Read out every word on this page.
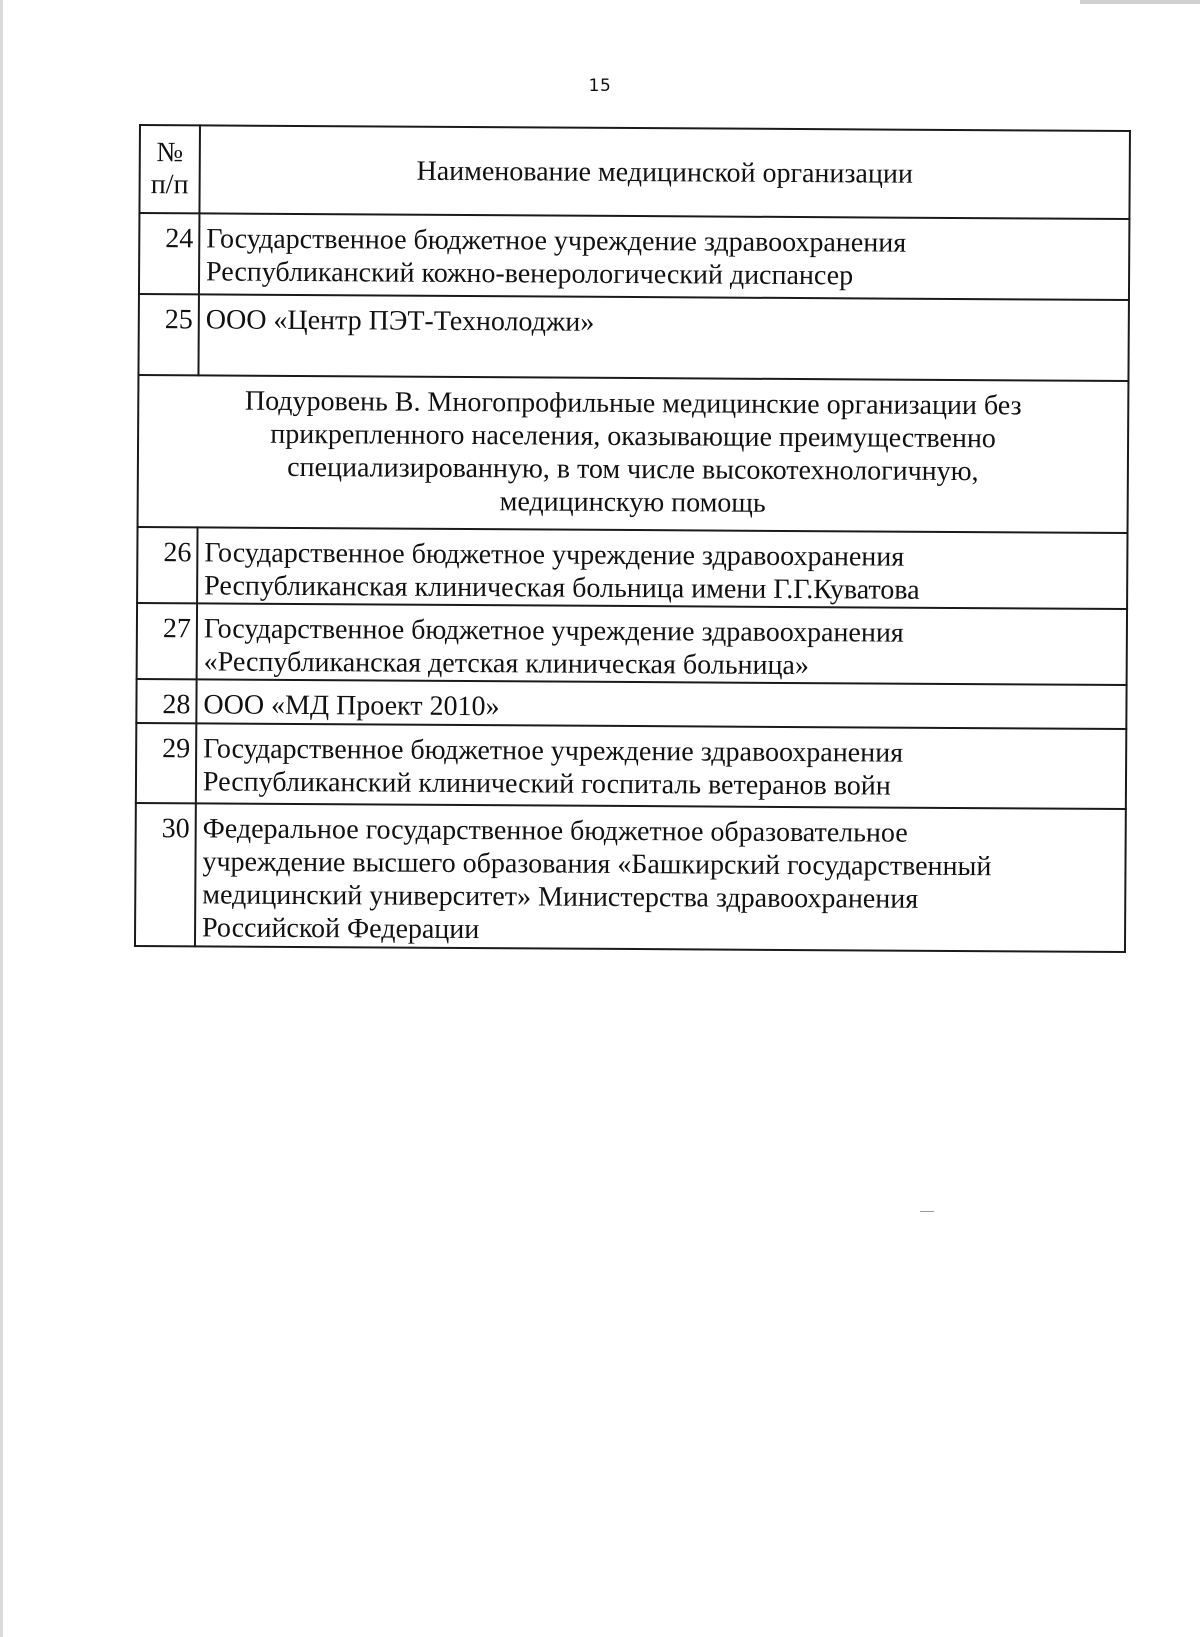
15
№
п/п	Наименование медицинской организации
24	Государственное бюджетное учреждение здравоохранения
Республиканский кожно-венерологический диспансер
25	ООО «Центр ПЭТ-Технолоджи»
Подуровень В. Многопрофильные медицинские организации без
прикрепленного населения, оказывающие преимущественно
специализированную, в том числе высокотехнологичную,
медицинскую помощь	
26	Государственное бюджетное учреждение здравоохранения
Республиканская клиническая больница имени Г.Г.Куватова
27	Государственное бюджетное учреждение здравоохранения
«Республиканская детская клиническая больница»
28	ООО «МД Проект 2010»
29	Государственное бюджетное учреждение здравоохранения
Республиканский клинический госпиталь ветеранов войн
30	Федеральное государственное бюджетное образовательное
учреждение высшего образования «Башкирский государственный
медицинский университет» Министерства здравоохранения
Российской Федерации
